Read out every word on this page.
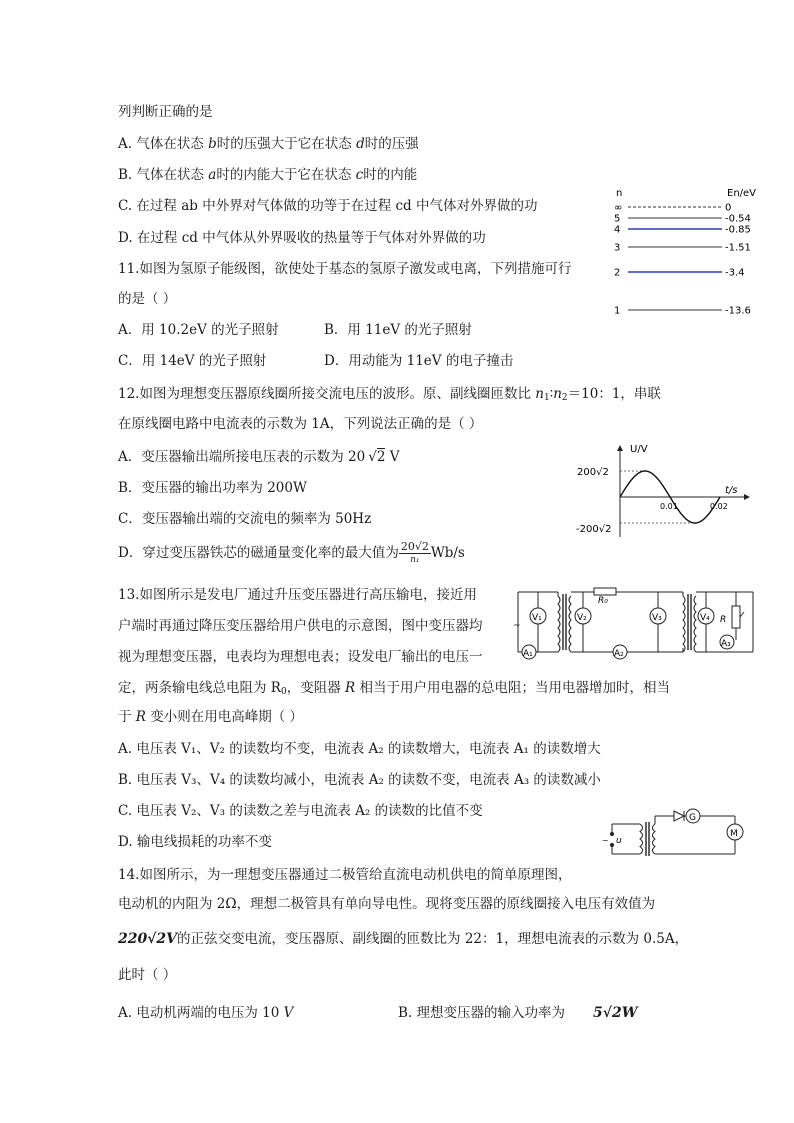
列判断正确的是
A. 气体在状态 b时的压强大于它在状态 d时的压强
B. 气体在状态 a时的内能大于它在状态 c时的内能
C. 在过程 ab 中外界对气体做的功等于在过程 cd 中气体对外界做的功
D. 在过程 cd 中气体从外界吸收的热量等于气体对外界做的功
n	En/eV
∞	0
5	-0.54
4	-0.85
3	-1.51
2	-3.4
1	-13.6
11.如图为氢原子能级图，欲使处于基态的氢原子激发或电离，下列措施可行
的是（ ）
A．用 10.2eV 的光子照射	B．用 11eV 的光子照射
C．用 14eV 的光子照射	D．用动能为 11eV 的电子撞击
12.如图为理想变压器原线圈所接交流电压的波形。原、副线圈匝数比 $n_1∶n_2=10$：1，串联
在原线圈电路中电流表的示数为 1A，下列说法正确的是（ ）
A．变压器输出端所接电压表的示数为 20 √2 V
B．变压器的输出功率为 200W
C．变压器输出端的交流电的频率为 50Hz
D．穿过变压器铁芯的磁通量变化率的最大值为 $\frac{20√2}{\text{n₁}} Wb/s$
U/V
t/s
200√2
-200√2
0.01	0.02
13.如图所示是发电厂通过升压变压器进行高压输电，接近用
户端时再通过降压变压器给用户供电的示意图，图中变压器均
视为理想变压器，电表均为理想电表；设发电厂输出的电压一
定，两条输电线总电阻为 $R_0$，变阻器 R 相当于用户用电器的总电阻；当用电器增加时，相当
于 R 变小则在用电高峰期（ ）
A. 电压表 V₁、V₂ 的读数均不变，电流表 A₂ 的读数增大，电流表 A₁ 的读数增大
B. 电压表 V₃、V₄ 的读数均减小，电流表 A₂ 的读数不变，电流表 A₃ 的读数减小
C. 电压表 V₂、V₃ 的读数之差与电流表 A₂ 的读数的比值不变
D. 输电线损耗的功率不变
~
R₀
V₁	V₂	V₃	V₄
A₁	A₂
A₃
R
~ u
G
M
14.如图所示，为一理想变压器通过二极管给直流电动机供电的简单原理图，
电动机的内阻为 2Ω，理想二极管具有单向导电性。现将变压器的原线圈接入电压有效值为
220√2V的正弦交变电流，变压器原、副线圈的匝数比为 22：1，理想电流表的示数为 0.5A，
此时（ ）
A. 电动机两端的电压为 10 V	B. 理想变压器的输入功率为 5√2W
